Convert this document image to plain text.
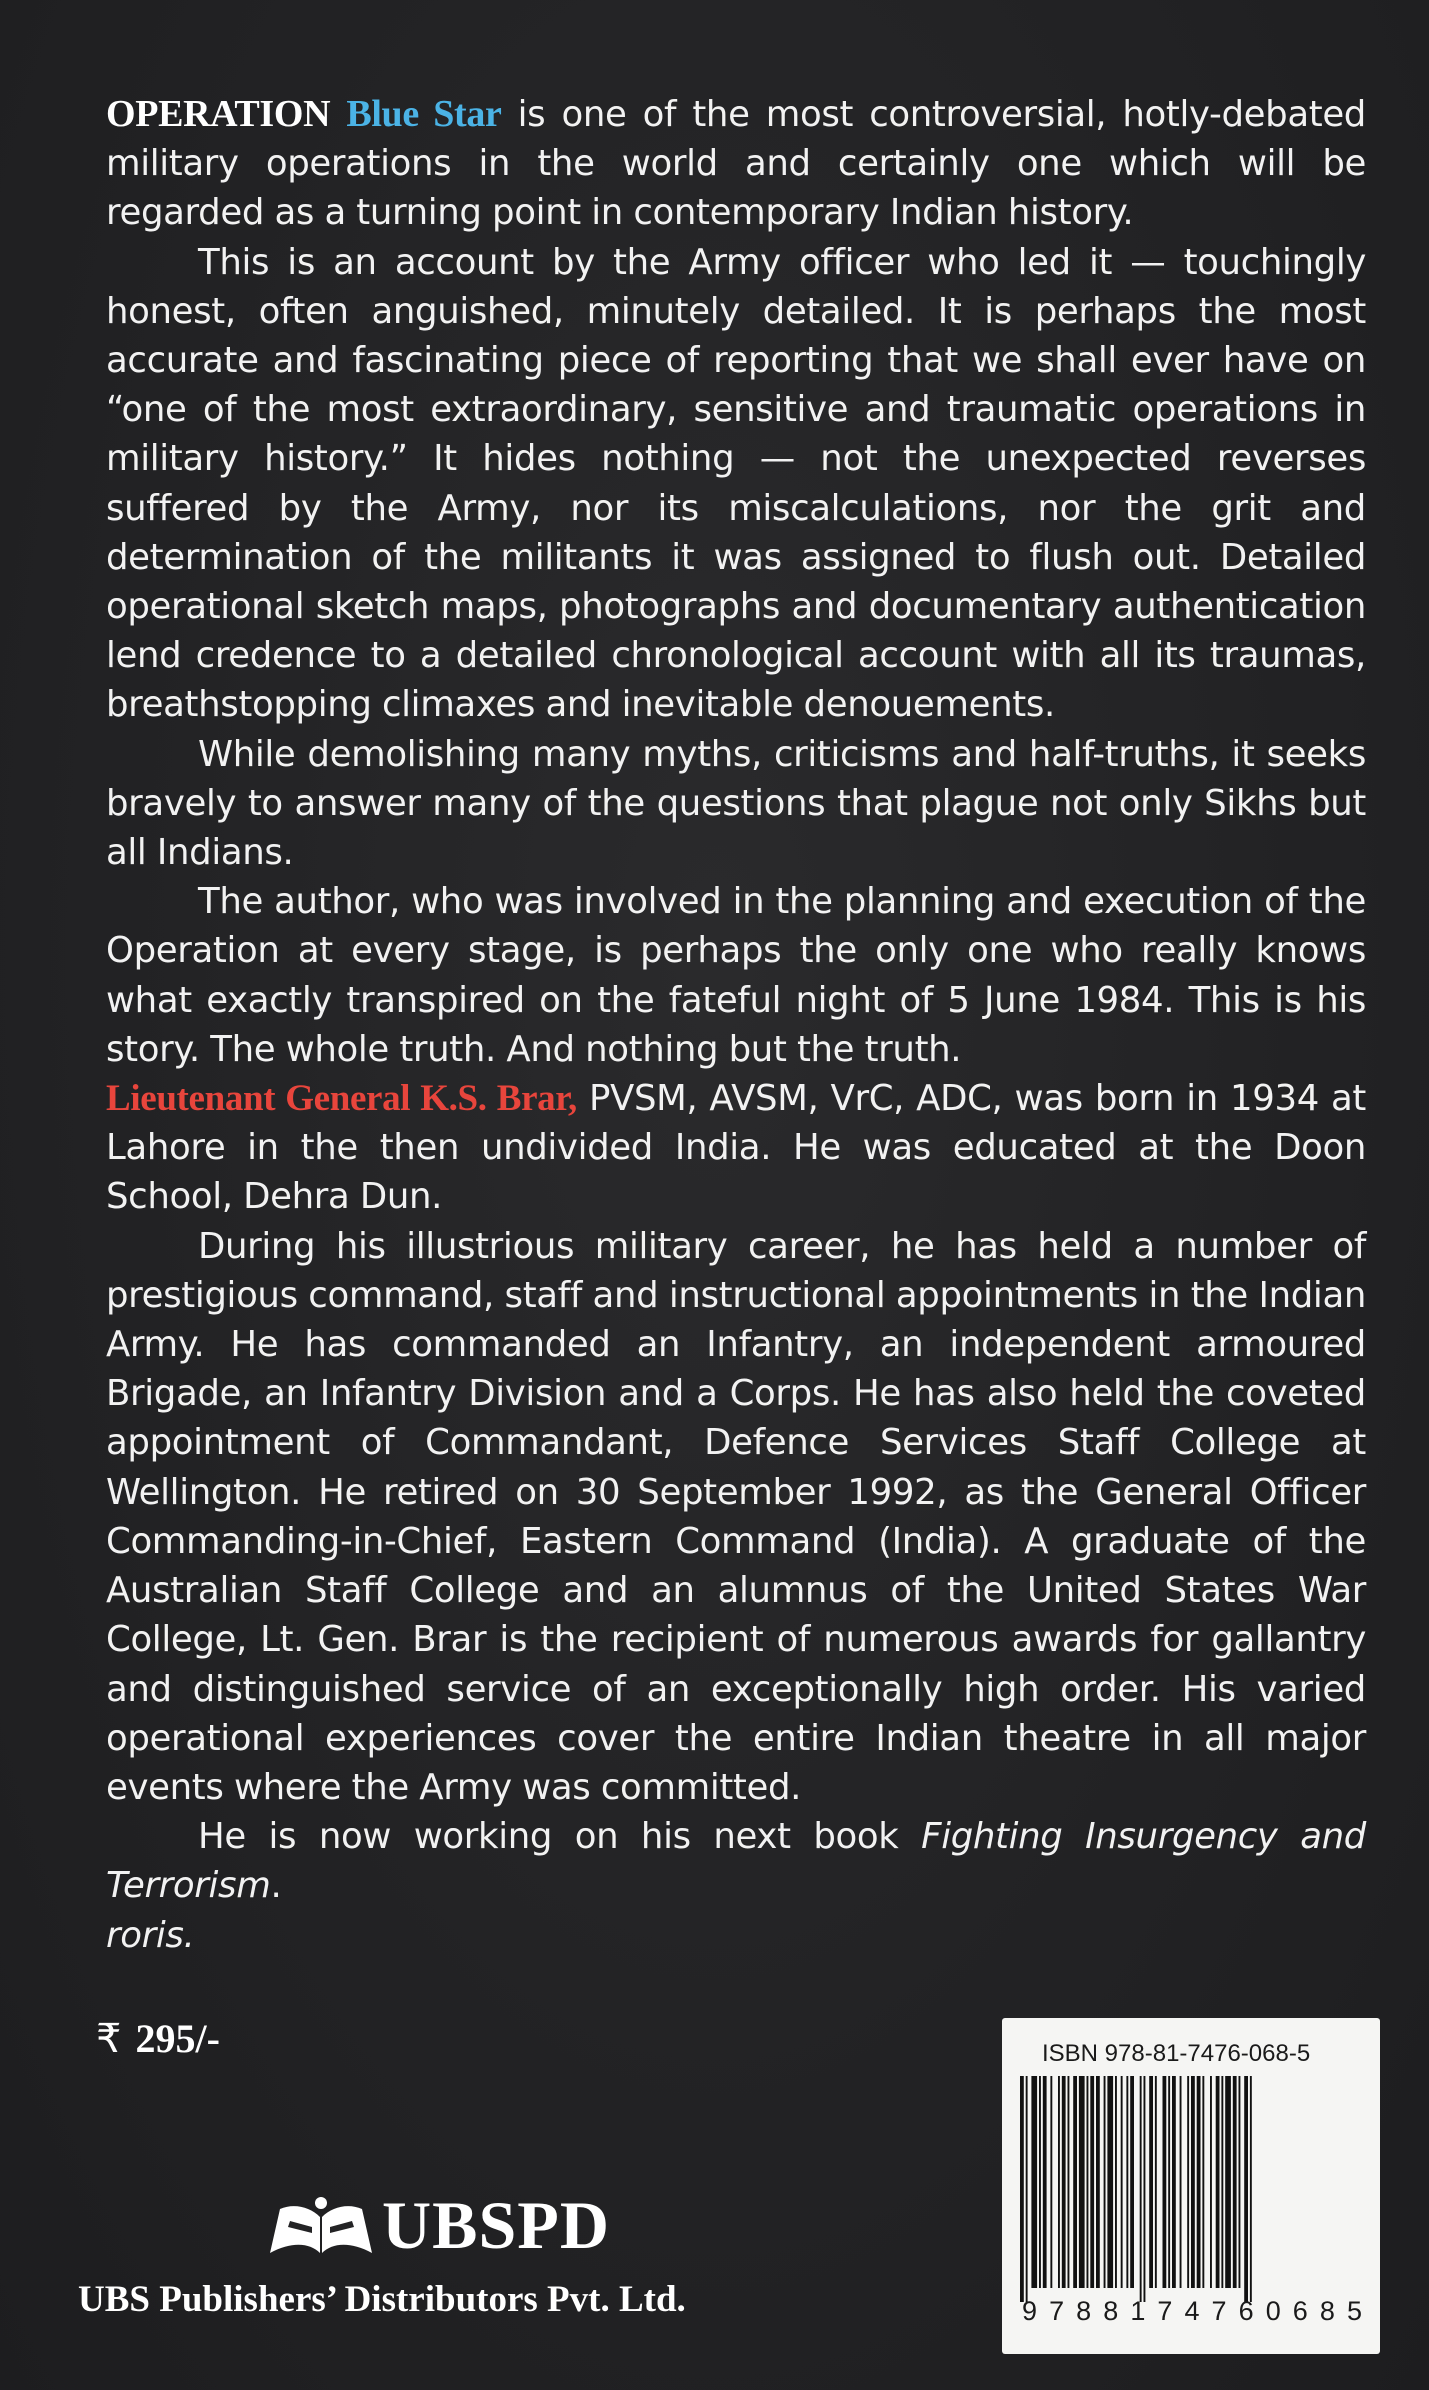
OPERATION Blue Star is one of the most controversial, hotly-debated military operations in the world and certainly one which will be regarded as a turning point in contemporary Indian history.

This is an account by the Army officer who led it — touchingly honest, often anguished, minutely detailed. It is perhaps the most accurate and fascinating piece of reporting that we shall ever have on “one of the most extraordinary, sensitive and traumatic operations in military history.” It hides nothing — not the unexpected reverses suffered by the Army, nor its miscalculations, nor the grit and determination of the militants it was assigned to flush out. Detailed operational sketch maps, photographs and documentary authentication lend credence to a detailed chronological account with all its traumas, breathstopping climaxes and inevitable denouements.

While demolishing many myths, criticisms and half-truths, it seeks bravely to answer many of the questions that plague not only Sikhs but all Indians.

The author, who was involved in the planning and execution of the Operation at every stage, is perhaps the only one who really knows what exactly transpired on the fateful night of 5 June 1984. This is his story. The whole truth. And nothing but the truth.

Lieutenant General K.S. Brar, PVSM, AVSM, VrC, ADC, was born in 1934 at Lahore in the then undivided India. He was educated at the Doon School, Dehra Dun.

During his illustrious military career, he has held a number of prestigious command, staff and instructional appointments in the Indian Army. He has commanded an Infantry, an independent armoured Brigade, an Infantry Division and a Corps. He has also held the coveted appointment of Commandant, Defence Services Staff College at Wellington. He retired on 30 September 1992, as the General Officer Commanding-in-Chief, Eastern Command (India). A graduate of the Australian Staff College and an alumnus of the United States War College, Lt. Gen. Brar is the recipient of numerous awards for gallantry and distinguished service of an exceptionally high order. His varied operational experiences cover the entire Indian theatre in all major events where the Army was committed.

He is now working on his next book Fighting Insurgency and Terrorism.

roris.

₹ 295/-
UBSPD
UBS Publishers’ Distributors Pvt. Ltd.
ISBN 978-81-7476-068-5
9 7 8 8 1 7 4 7 6 0 6 8 5
